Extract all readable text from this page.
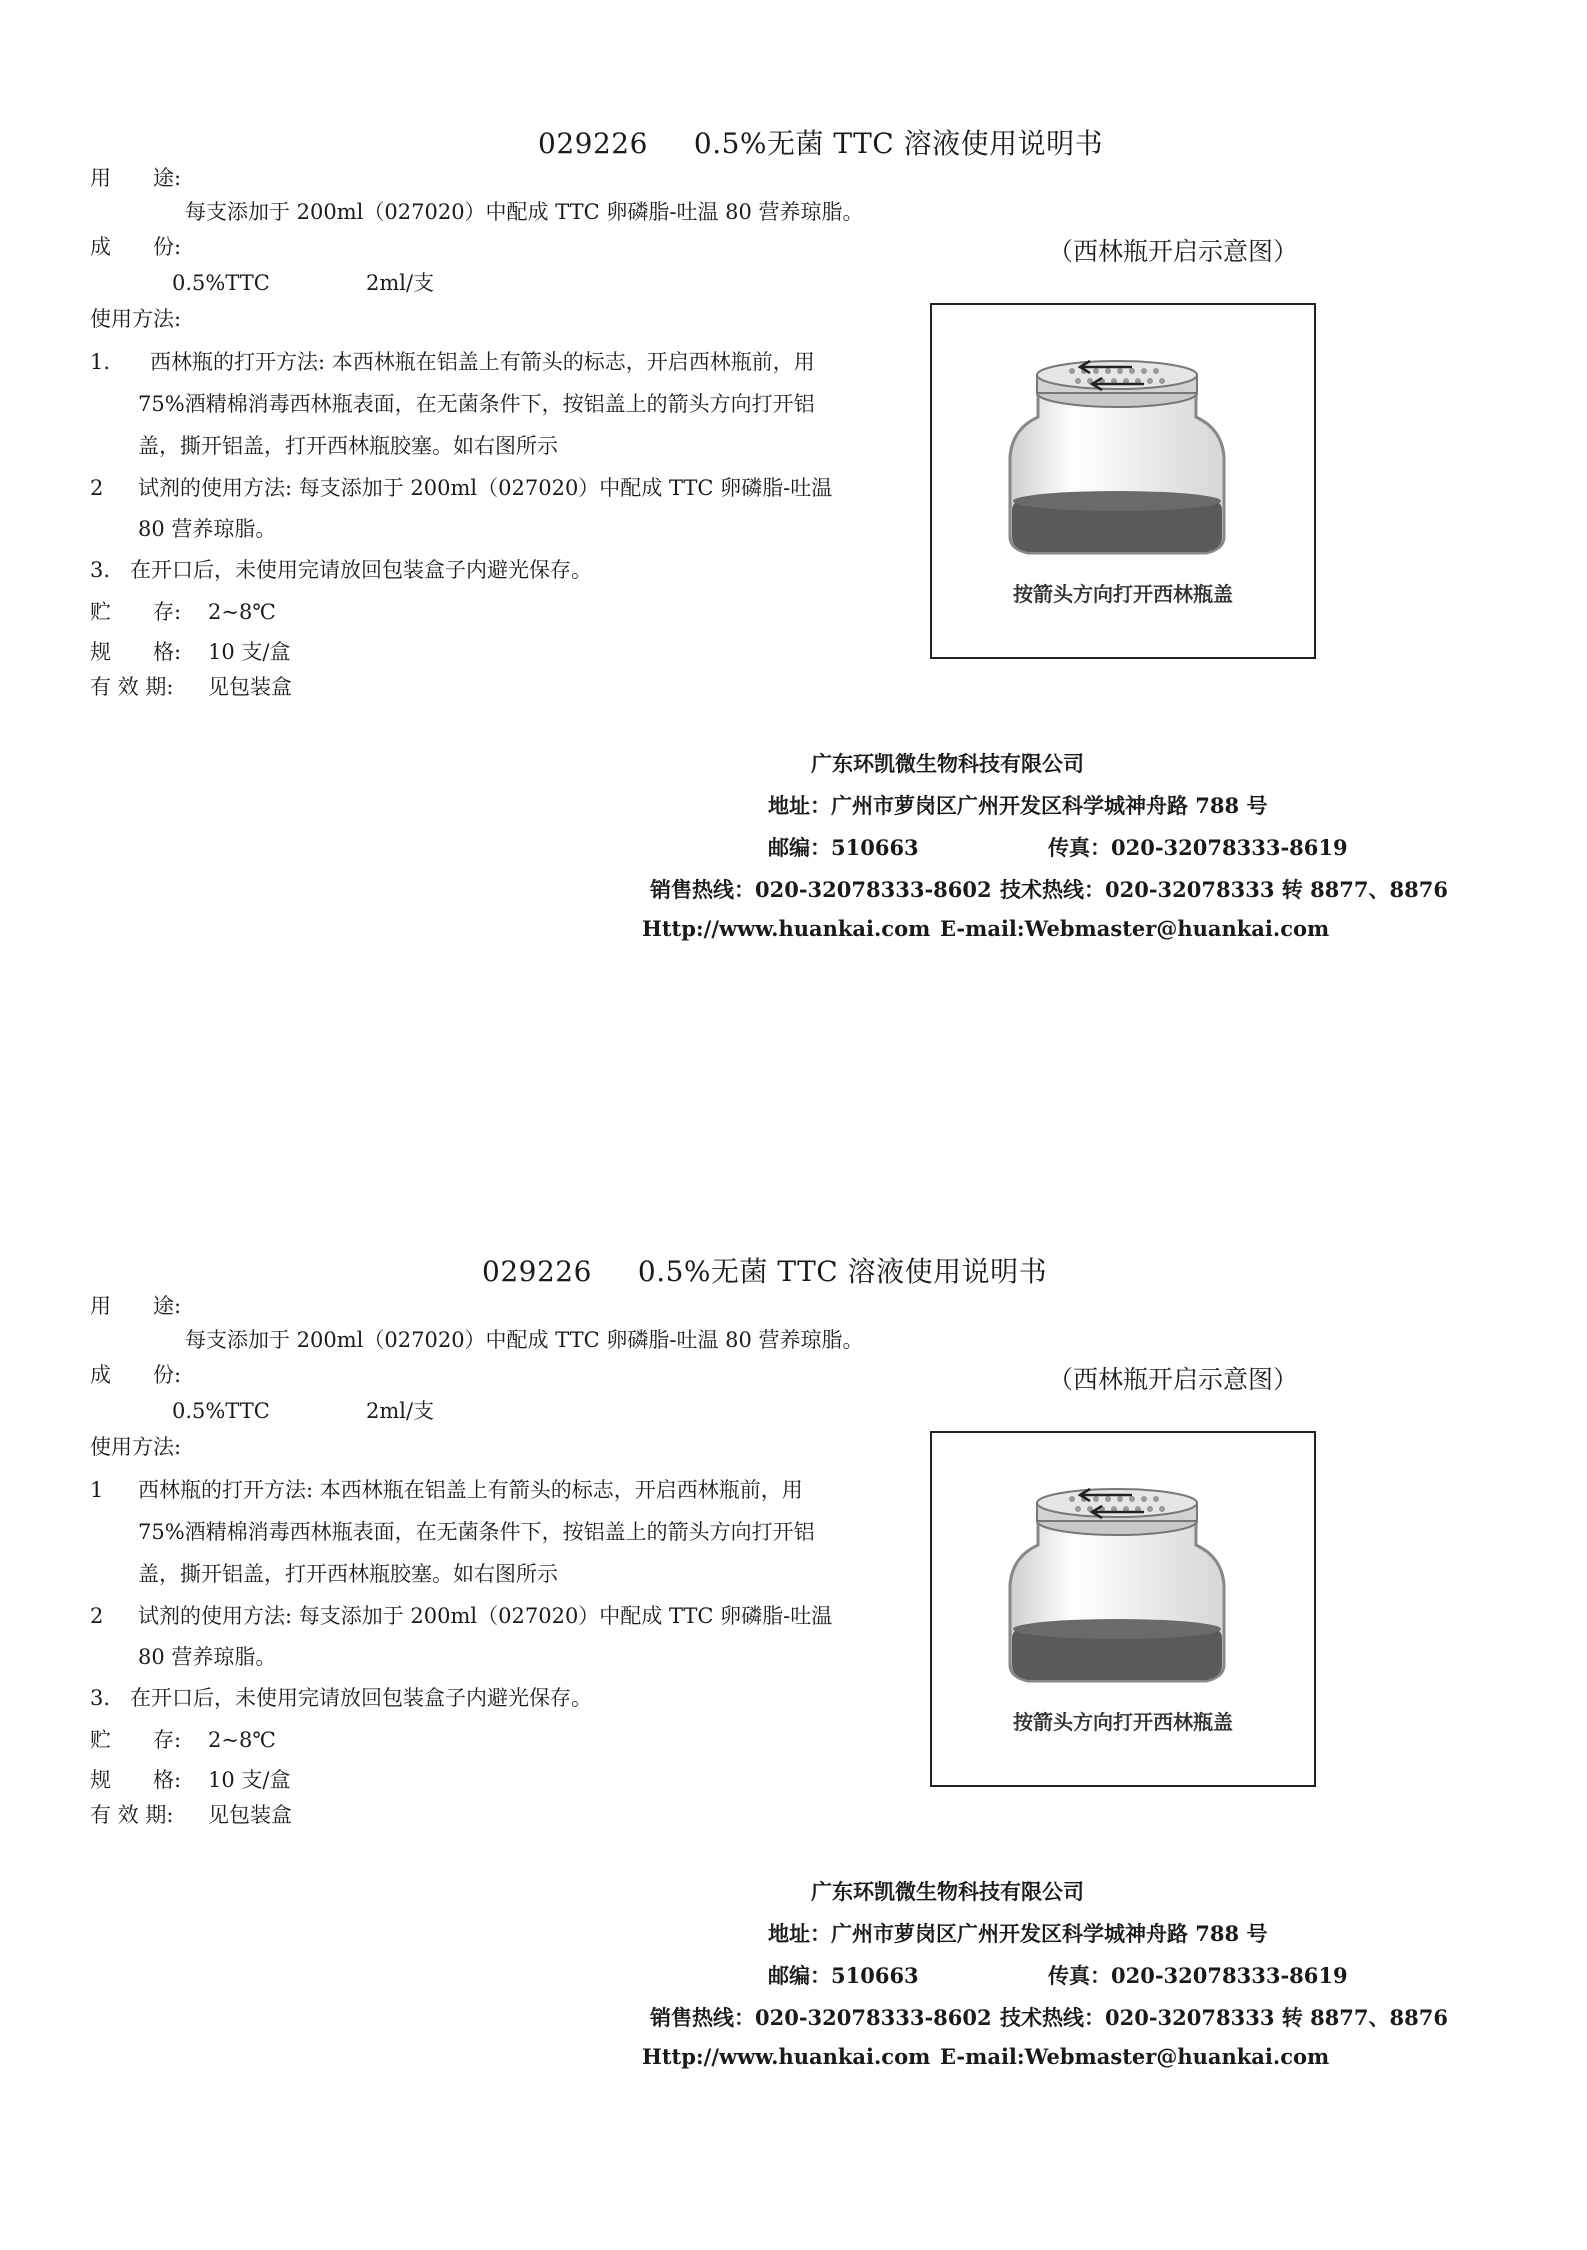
029226 0.5%无菌 TTC 溶液使用说明书
用　　途:
每支添加于 200ml（027020）中配成 TTC 卵磷脂-吐温 80 营养琼脂。
成　　份:
0.5%TTC	2ml/支
（西林瓶开启示意图）
使用方法:
1. 西林瓶的打开方法: 本西林瓶在铝盖上有箭头的标志，开启西林瓶前，用
75%酒精棉消毒西林瓶表面，在无菌条件下，按铝盖上的箭头方向打开铝
盖，撕开铝盖，打开西林瓶胶塞。如右图所示
2 试剂的使用方法: 每支添加于 200ml（027020）中配成 TTC 卵磷脂-吐温
80 营养琼脂。
3. 在开口后，未使用完请放回包装盒子内避光保存。
贮　　存: 2~8℃
规　　格: 10 支/盒
有 效 期: 见包装盒
按箭头方向打开西林瓶盖
广东环凯微生物科技有限公司
地址：广州市萝岗区广州开发区科学城神舟路 788 号
邮编：510663	传真：020-32078333-8619
销售热线：020-32078333-8602 技术热线：020-32078333 转 8877、8876
Http://www.huankai.com E-mail:Webmaster@huankai.com
029226 0.5%无菌 TTC 溶液使用说明书
用　　途:
每支添加于 200ml（027020）中配成 TTC 卵磷脂-吐温 80 营养琼脂。
成　　份:
0.5%TTC	2ml/支
（西林瓶开启示意图）
使用方法:
1 西林瓶的打开方法: 本西林瓶在铝盖上有箭头的标志，开启西林瓶前，用
75%酒精棉消毒西林瓶表面，在无菌条件下，按铝盖上的箭头方向打开铝
盖，撕开铝盖，打开西林瓶胶塞。如右图所示
2 试剂的使用方法: 每支添加于 200ml（027020）中配成 TTC 卵磷脂-吐温
80 营养琼脂。
3. 在开口后，未使用完请放回包装盒子内避光保存。
贮　　存: 2~8℃
规　　格: 10 支/盒
有 效 期: 见包装盒
按箭头方向打开西林瓶盖
广东环凯微生物科技有限公司
地址：广州市萝岗区广州开发区科学城神舟路 788 号
邮编：510663	传真：020-32078333-8619
销售热线：020-32078333-8602 技术热线：020-32078333 转 8877、8876
Http://www.huankai.com E-mail:Webmaster@huankai.com
